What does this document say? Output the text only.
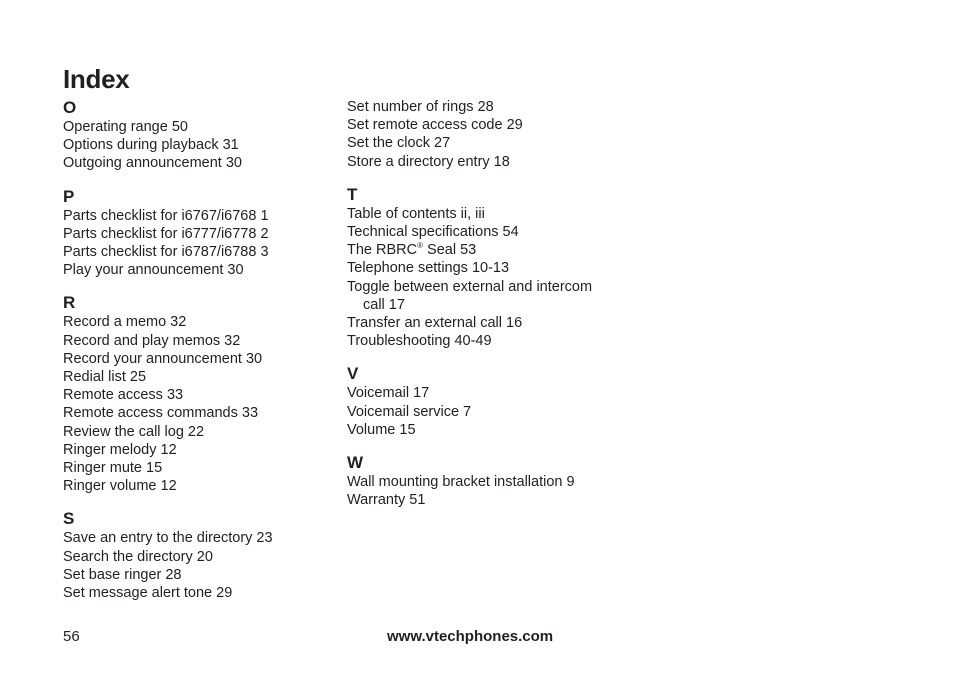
Index
O
Operating range 50
Options during playback 31
Outgoing announcement 30
P
Parts checklist for i6767/i6768 1
Parts checklist for i6777/i6778 2
Parts checklist for i6787/i6788 3
Play your announcement 30
R
Record a memo 32
Record and play memos 32
Record your announcement 30
Redial list 25
Remote access 33
Remote access commands 33
Review the call log 22
Ringer melody 12
Ringer mute 15
Ringer volume 12
S
Save an entry to the directory 23
Search the directory 20
Set base ringer 28
Set message alert tone 29
Set number of rings 28
Set remote access code 29
Set the clock 27
Store a directory entry 18
T
Table of contents ii, iii
Technical specifications 54
The RBRC® Seal 53
Telephone settings 10-13
Toggle between external and intercom
call 17
Transfer an external call 16
Troubleshooting 40-49
V
Voicemail 17
Voicemail service 7
Volume 15
W
Wall mounting bracket installation 9
Warranty 51
56	www.vtechphones.com
